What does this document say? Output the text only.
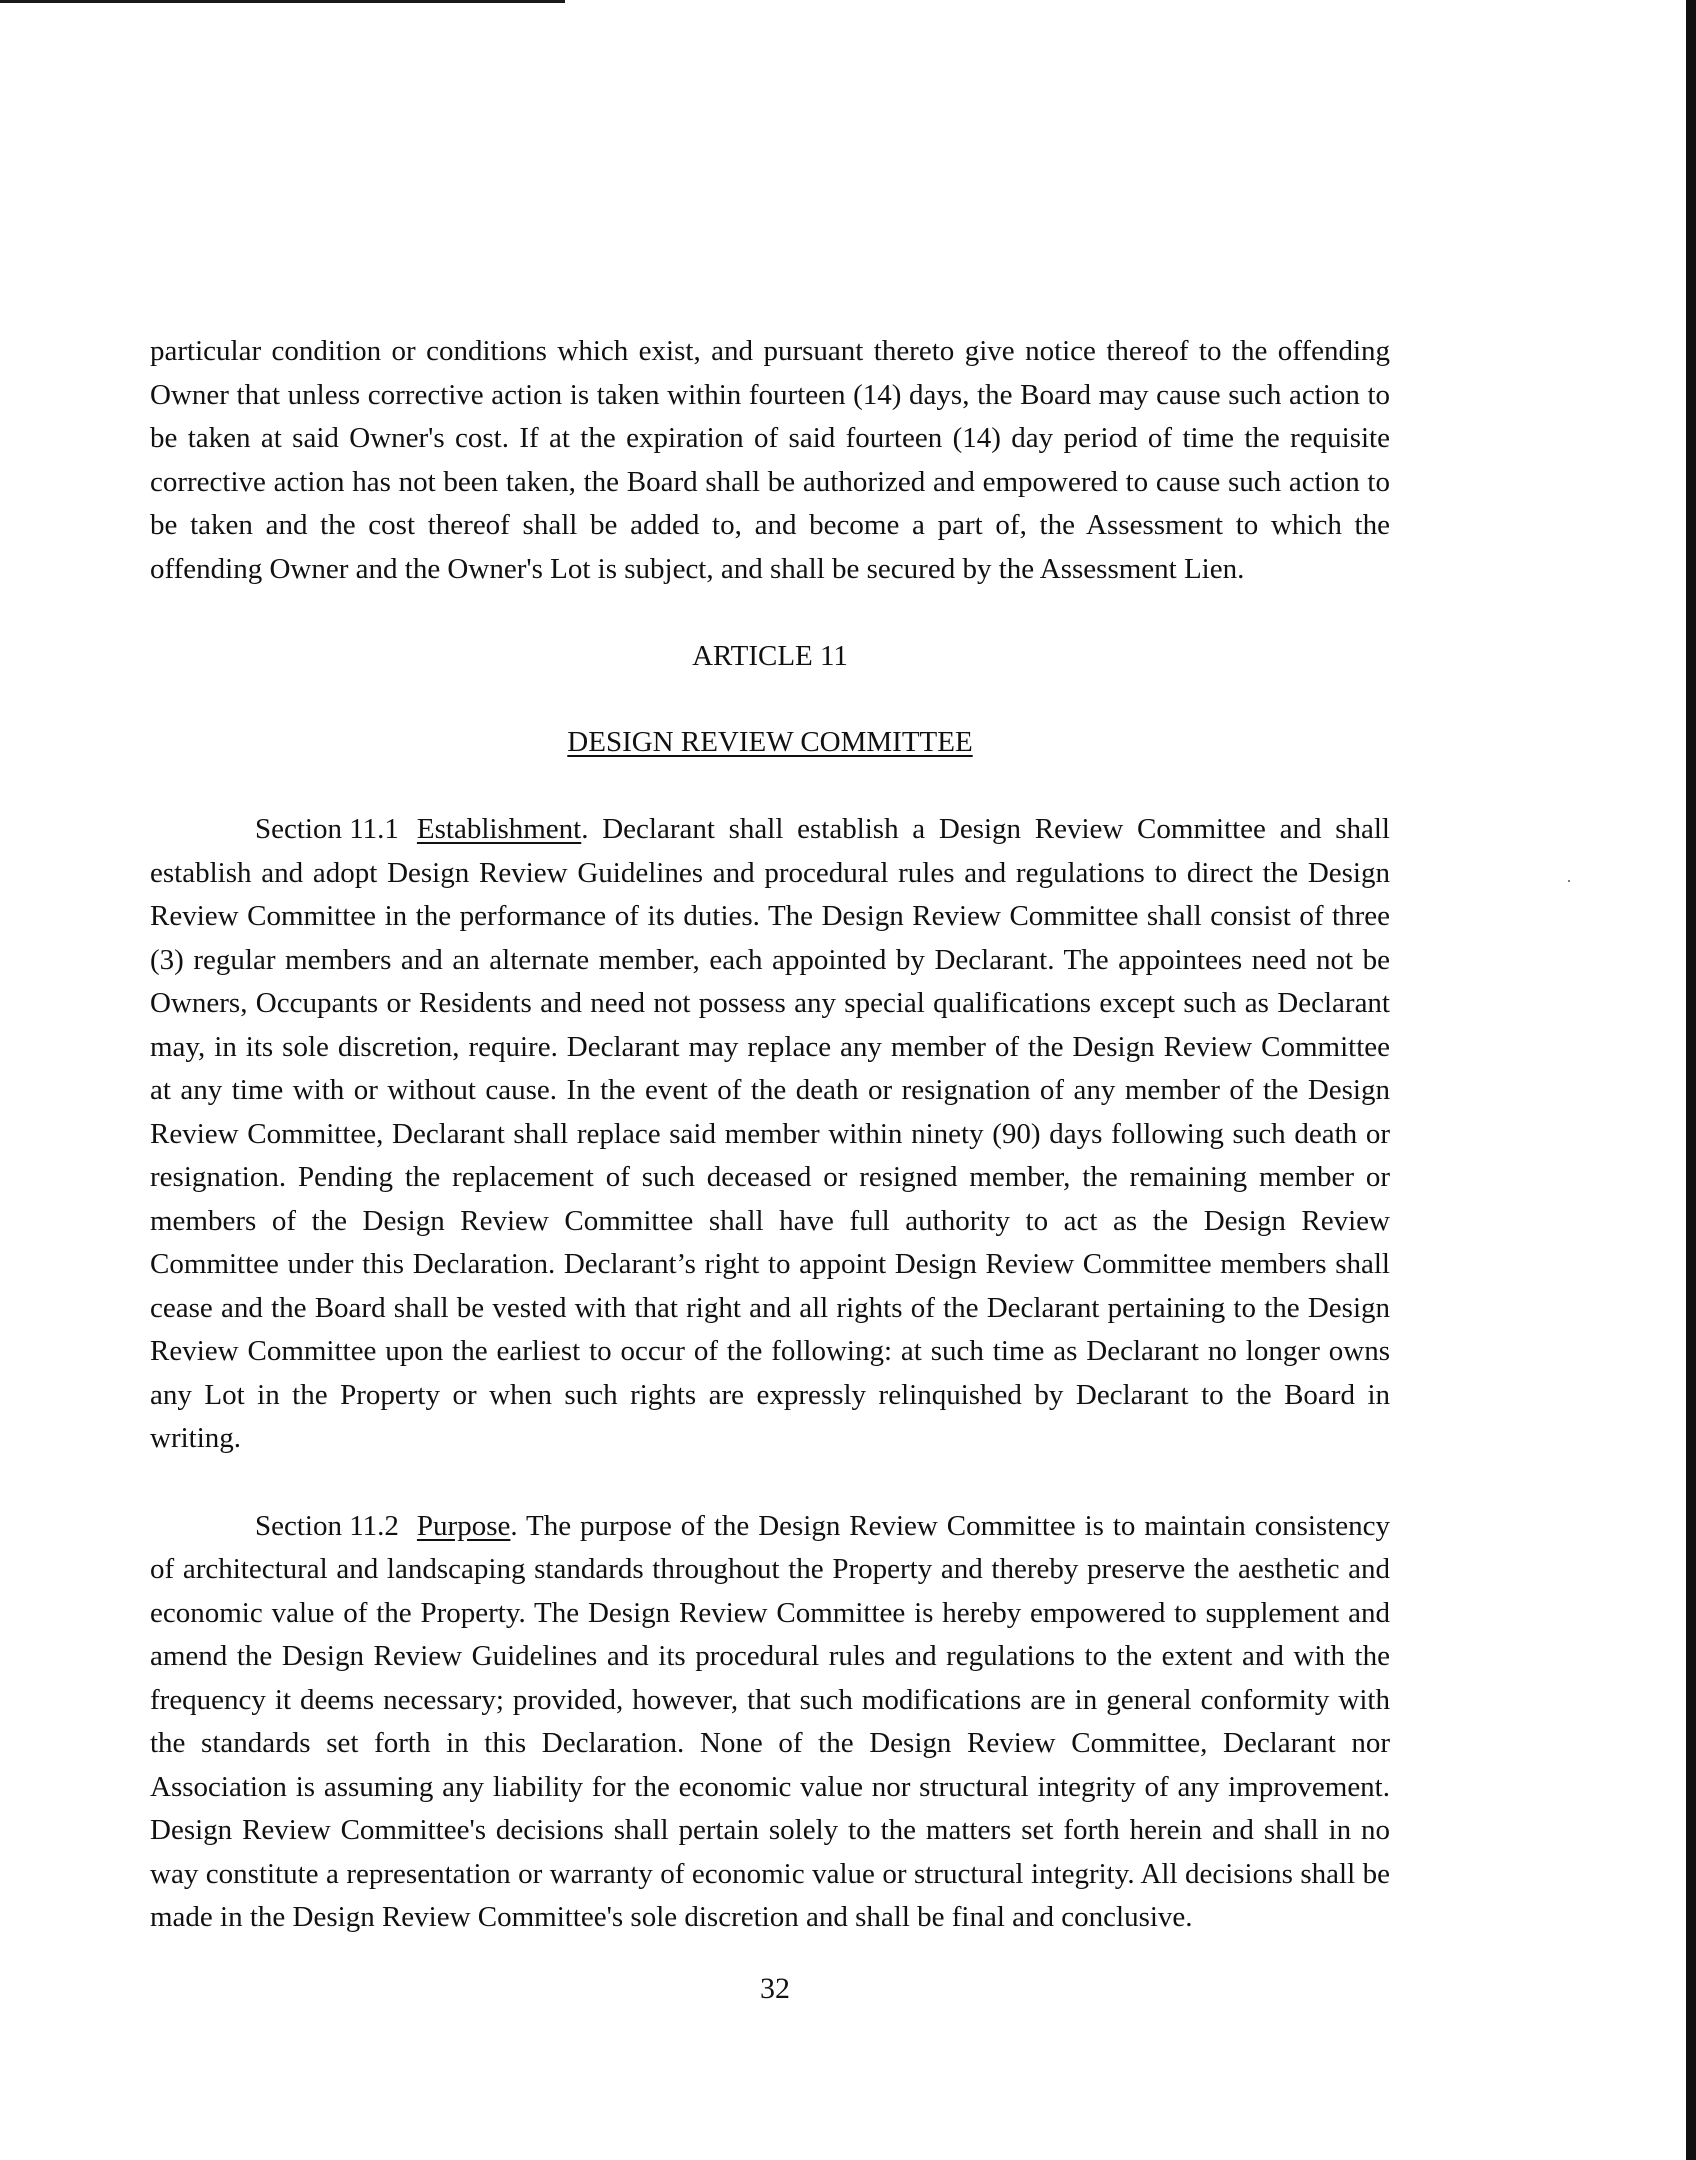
particular condition or conditions which exist, and pursuant thereto give notice thereof to the offending Owner that unless corrective action is taken within fourteen (14) days, the Board may cause such action to be taken at said Owner's cost. If at the expiration of said fourteen (14) day period of time the requisite corrective action has not been taken, the Board shall be authorized and empowered to cause such action to be taken and the cost thereof shall be added to, and become a part of, the Assessment to which the offending Owner and the Owner's Lot is subject, and shall be secured by the Assessment Lien.

ARTICLE 11

DESIGN REVIEW COMMITTEE

Section 11.1 Establishment. Declarant shall establish a Design Review Committee and shall establish and adopt Design Review Guidelines and procedural rules and regulations to direct the Design Review Committee in the performance of its duties. The Design Review Committee shall consist of three (3) regular members and an alternate member, each appointed by Declarant. The appointees need not be Owners, Occupants or Residents and need not possess any special qualifications except such as Declarant may, in its sole discretion, require. Declarant may replace any member of the Design Review Committee at any time with or without cause. In the event of the death or resignation of any member of the Design Review Committee, Declarant shall replace said member within ninety (90) days following such death or resignation. Pending the replacement of such deceased or resigned member, the remaining member or members of the Design Review Committee shall have full authority to act as the Design Review Committee under this Declaration. Declarant’s right to appoint Design Review Committee members shall cease and the Board shall be vested with that right and all rights of the Declarant pertaining to the Design Review Committee upon the earliest to occur of the following: at such time as Declarant no longer owns any Lot in the Property or when such rights are expressly relinquished by Declarant to the Board in writing.

Section 11.2 Purpose. The purpose of the Design Review Committee is to maintain consistency of architectural and landscaping standards throughout the Property and thereby preserve the aesthetic and economic value of the Property. The Design Review Committee is hereby empowered to supplement and amend the Design Review Guidelines and its procedural rules and regulations to the extent and with the frequency it deems necessary; provided, however, that such modifications are in general conformity with the standards set forth in this Declaration. None of the Design Review Committee, Declarant nor Association is assuming any liability for the economic value nor structural integrity of any improvement. Design Review Committee's decisions shall pertain solely to the matters set forth herein and shall in no way constitute a representation or warranty of economic value or structural integrity. All decisions shall be made in the Design Review Committee's sole discretion and shall be final and conclusive.

32
